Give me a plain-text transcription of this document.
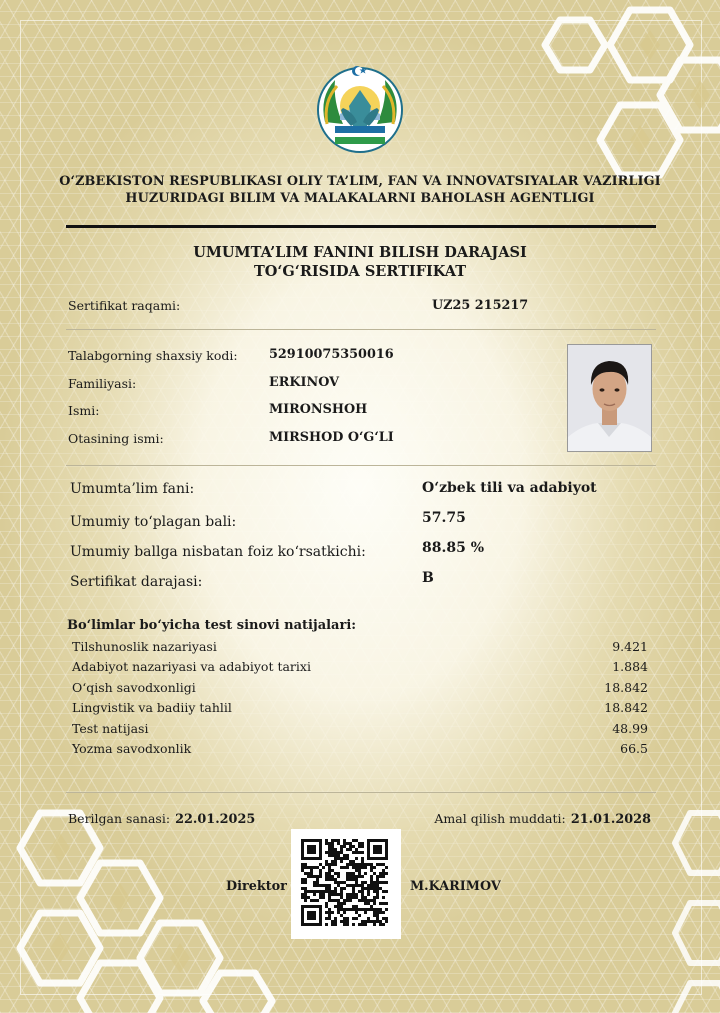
O‘ZBEKISTON RESPUBLIKASI OLIY TA’LIM, FAN VA INNOVATSIYALAR VAZIRLIGI
HUZURIDAGI BILIM VA MALAKALARNI BAHOLASH AGENTLIGI
UMUMTA’LIM FANINI BILISH DARAJASI
TO‘G‘RISIDA SERTIFIKAT
Sertifikat raqami:	UZ25 215217
Talabgorning shaxsiy kodi: 52910075350016
Familiyasi:	ERKINOV
Ismi:	MIRONSHOH
Otasining ismi:	MIRSHOD O‘G‘LI
Umumta’lim fani:	O‘zbek tili va adabiyot
Umumiy to‘plagan bali:	57.75
Umumiy ballga nisbatan foiz ko‘rsatkichi:	88.85 %
Sertifikat darajasi:	B
Bo‘limlar bo‘yicha test sinovi natijalari:
Tilshunoslik nazariyasi	9.421
Adabiyot nazariyasi va adabiyot tarixi	1.884
O‘qish savodxonligi	18.842
Lingvistik va badiiy tahlil	18.842
Test natijasi	48.99
Yozma savodxonlik	66.5
Berilgan sanasi: 22.01.2025	Amal qilish muddati: 21.01.2028
Direktor	M.KARIMOV
